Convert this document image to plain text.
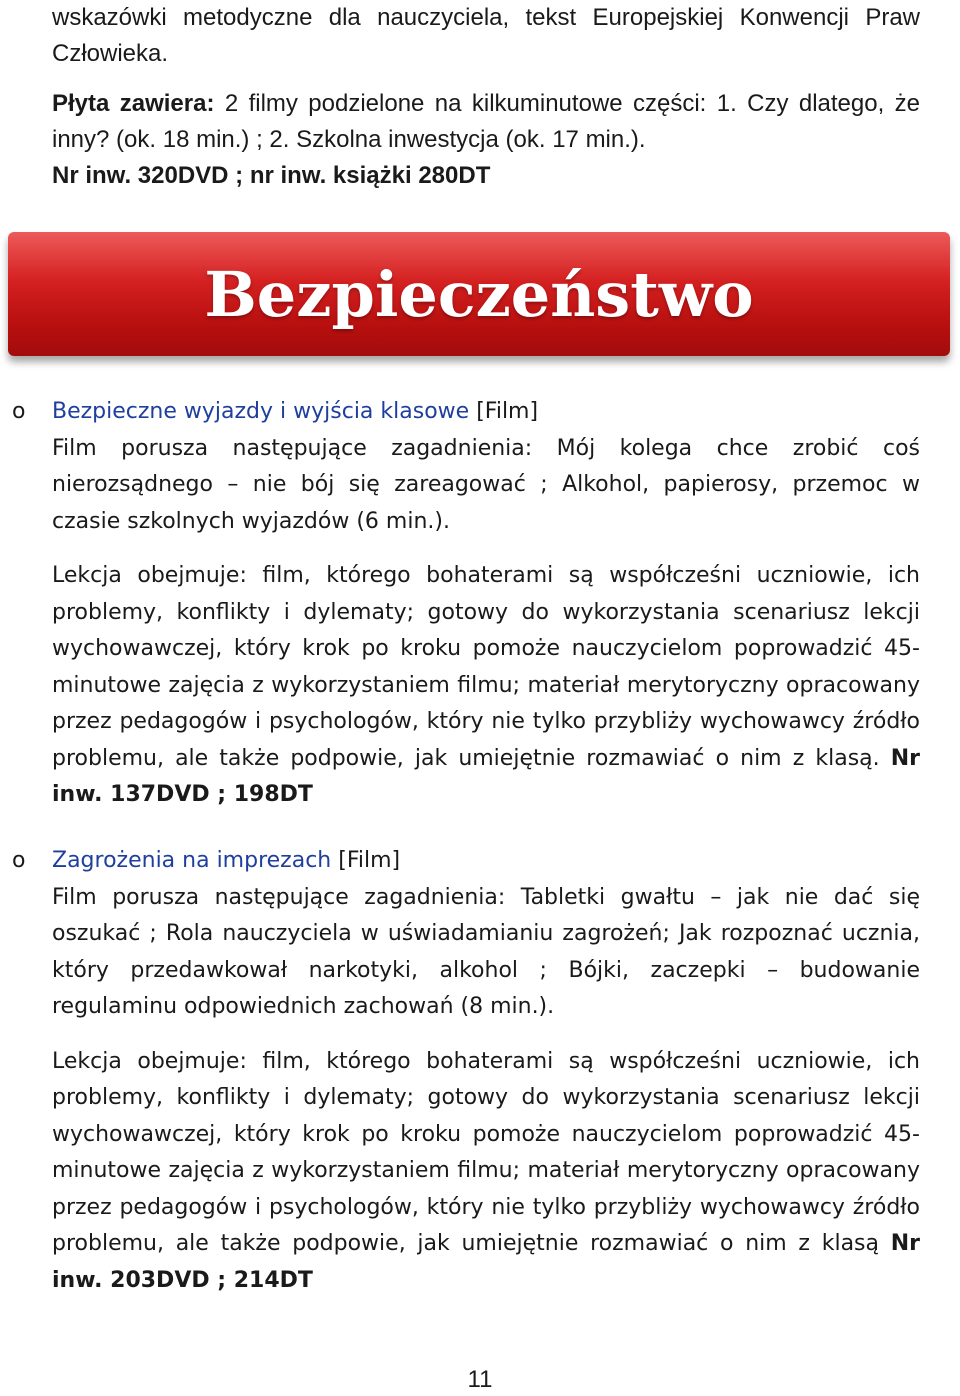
wskazówki metodyczne dla nauczyciela, tekst Europejskiej Konwencji Praw Człowieka.

Płyta zawiera: 2 filmy podzielone na kilkuminutowe części: 1. Czy dlatego, że inny? (ok. 18 min.) ; 2. Szkolna inwestycja (ok. 17 min.).

Nr inw. 320DVD ; nr inw. książki 280DT

Bezpieczeństwo
o Bezpieczne wyjazdy i wyjścia klasowe [Film]

Film porusza następujące zagadnienia: Mój kolega chce zrobić coś nierozsądnego – nie bój się zareagować ; Alkohol, papierosy, przemoc w czasie szkolnych wyjazdów (6 min.).

Lekcja obejmuje: film, którego bohaterami są współcześni uczniowie, ich problemy, konflikty i dylematy; gotowy do wykorzystania scenariusz lekcji wychowawczej, który krok po kroku pomoże nauczycielom poprowadzić 45-minutowe zajęcia z wykorzystaniem filmu; materiał merytoryczny opracowany przez pedagogów i psychologów, który nie tylko przybliży wychowawcy źródło problemu, ale także podpowie, jak umiejętnie rozmawiać o nim z klasą. Nr inw. 137DVD ; 198DT

o Zagrożenia na imprezach [Film]

Film porusza następujące zagadnienia: Tabletki gwałtu – jak nie dać się oszukać ; Rola nauczyciela w uświadamianiu zagrożeń; Jak rozpoznać ucznia, który przedawkował narkotyki, alkohol ; Bójki, zaczepki – budowanie regulaminu odpowiednich zachowań (8 min.).

Lekcja obejmuje: film, którego bohaterami są współcześni uczniowie, ich problemy, konflikty i dylematy; gotowy do wykorzystania scenariusz lekcji wychowawczej, który krok po kroku pomoże nauczycielom poprowadzić 45-minutowe zajęcia z wykorzystaniem filmu; materiał merytoryczny opracowany przez pedagogów i psychologów, który nie tylko przybliży wychowawcy źródło problemu, ale także podpowie, jak umiejętnie rozmawiać o nim z klasą Nr inw. 203DVD ; 214DT

11
